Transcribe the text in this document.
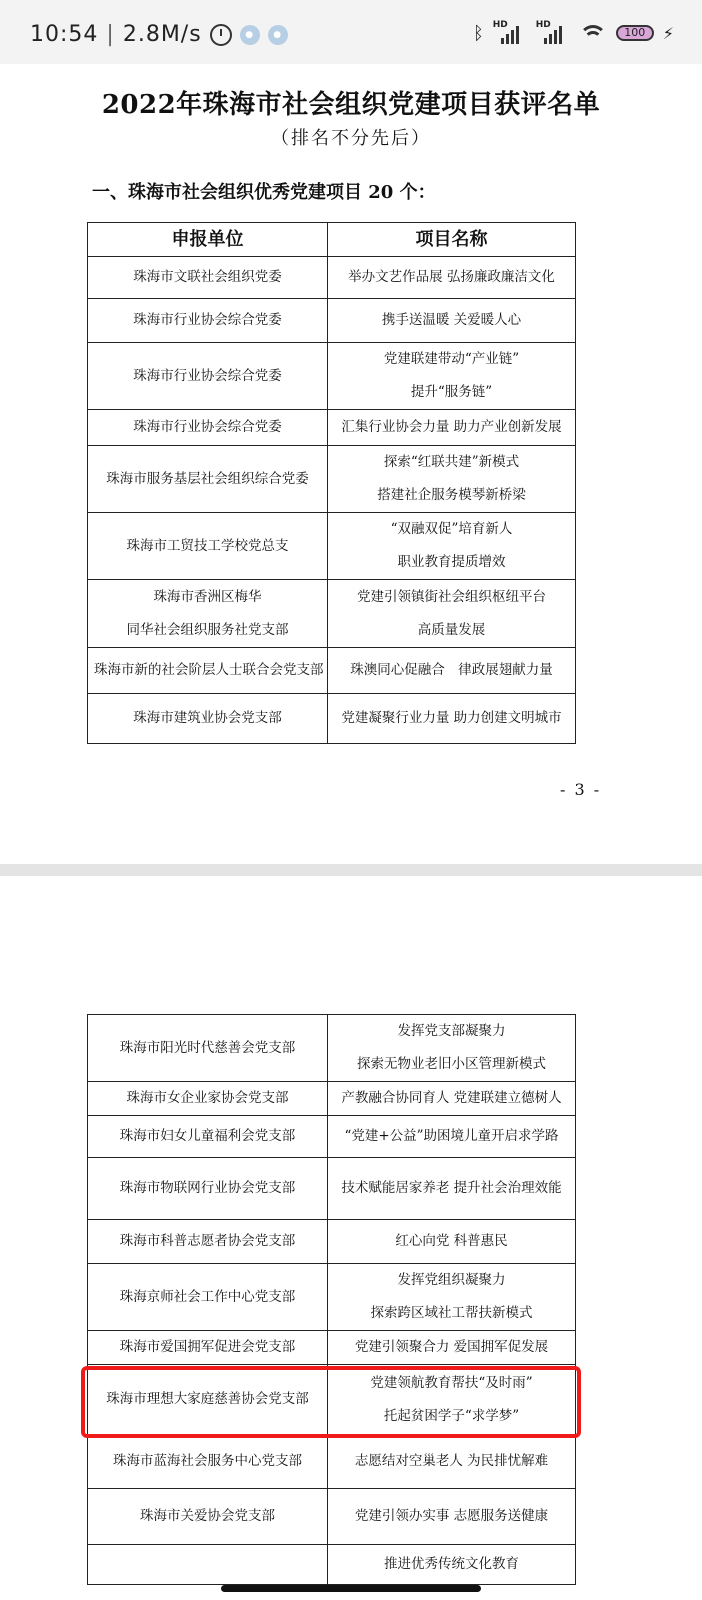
10:54 | 2.8M/s	●	●	ᛒ HD	HD
100	⚡
2022年珠海市社会组织党建项目获评名单
（排名不分先后）
一、珠海市社会组织优秀党建项目 20 个：
申报单位	项目名称

珠海市文联社会组织党委	举办文艺作品展 弘扬廉政廉洁文化

珠海市行业协会综合党委	携手送温暖 关爱暖人心

珠海市行业协会综合党委	党建联建带动“产业链”
提升“服务链”

珠海市行业协会综合党委	汇集行业协会力量 助力产业创新发展

珠海市服务基层社会组织综合党委	探索“红联共建”新模式
搭建社企服务模琴新桥梁

珠海市工贸技工学校党总支	“双融双促”培育新人
职业教育提质增效

珠海市香洲区梅华
同华社会组织服务社党支部	党建引领镇街社会组织枢纽平台
高质量发展

珠海市新的社会阶层人士联合会党支部	珠澳同心促融合　律政展翅献力量

珠海市建筑业协会党支部	党建凝聚行业力量 助力创建文明城市
- 3 -
珠海市阳光时代慈善会党支部	发挥党支部凝聚力
探索无物业老旧小区管理新模式

珠海市女企业家协会党支部	产教融合协同育人 党建联建立德树人

珠海市妇女儿童福利会党支部	“党建+公益”助困境儿童开启求学路

珠海市物联网行业协会党支部	技术赋能居家养老 提升社会治理效能

珠海市科普志愿者协会党支部	红心向党 科普惠民

珠海京师社会工作中心党支部	发挥党组织凝聚力
探索跨区域社工帮扶新模式

珠海市爱国拥军促进会党支部	党建引领聚合力 爱国拥军促发展

珠海市理想大家庭慈善协会党支部	党建领航教育帮扶“及时雨”
托起贫困学子“求学梦”

珠海市蓝海社会服务中心党支部	志愿结对空巢老人 为民排忧解难

珠海市关爱协会党支部	党建引领办实事 志愿服务送健康

	推进优秀传统文化教育
